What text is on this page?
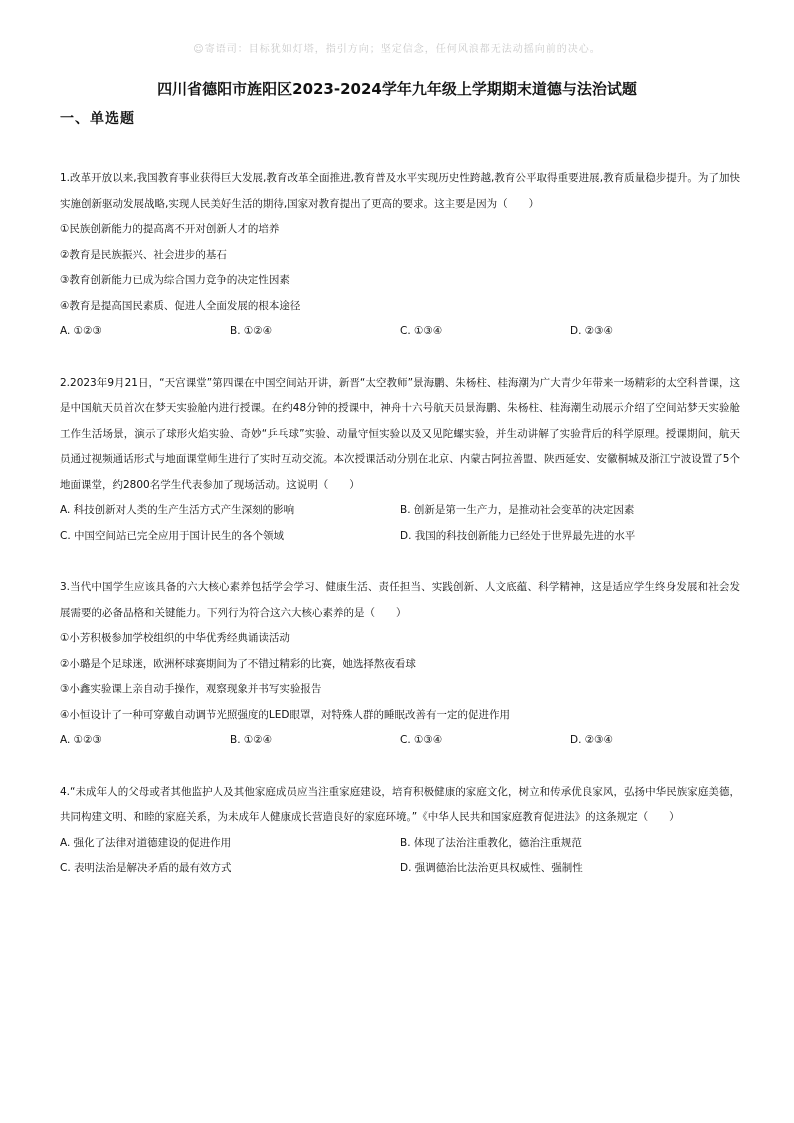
☺寄语司：目标犹如灯塔，指引方向；坚定信念，任何风浪都无法动摇向前的决心。
四川省德阳市旌阳区2023-2024学年九年级上学期期末道德与法治试题
一、单选题
1.改革开放以来,我国教育事业获得巨大发展,教育改革全面推进,教育普及水平实现历史性跨越,教育公平取得重要进展,教育质量稳步提升。为了加快实施创新驱动发展战略,实现人民美好生活的期待,国家对教育提出了更高的要求。这主要是因为（　　）
①民族创新能力的提高离不开对创新人才的培养
②教育是民族振兴、社会进步的基石
③教育创新能力已成为综合国力竞争的决定性因素
④教育是提高国民素质、促进人全面发展的根本途径
A. ①②③	B. ①②④	C. ①③④	D. ②③④
2.2023年9月21日，“天宫课堂”第四课在中国空间站开讲，新晋“太空教师”景海鹏、朱杨柱、桂海潮为广大青少年带来一场精彩的太空科普课，这是中国航天员首次在梦天实验舱内进行授课。在约48分钟的授课中，神舟十六号航天员景海鹏、朱杨柱、桂海潮生动展示介绍了空间站梦天实验舱工作生活场景，演示了球形火焰实验、奇妙“乒乓球”实验、动量守恒实验以及又见陀螺实验，并生动讲解了实验背后的科学原理。授课期间，航天员通过视频通话形式与地面课堂师生进行了实时互动交流。本次授课活动分别在北京、内蒙古阿拉善盟、陕西延安、安徽桐城及浙江宁波设置了5个地面课堂，约2800名学生代表参加了现场活动。这说明（　　）
A. 科技创新对人类的生产生活方式产生深刻的影响	B. 创新是第一生产力，是推动社会变革的决定因素
C. 中国空间站已完全应用于国计民生的各个领域	D. 我国的科技创新能力已经处于世界最先进的水平
3.当代中国学生应该具备的六大核心素养包括学会学习、健康生活、责任担当、实践创新、人文底蕴、科学精神，这是适应学生终身发展和社会发展需要的必备品格和关键能力。下列行为符合这六大核心素养的是（　　）
①小芳积极参加学校组织的中华优秀经典诵读活动
②小璐是个足球迷，欧洲杯球赛期间为了不错过精彩的比赛，她选择熬夜看球
③小鑫实验课上亲自动手操作，观察现象并书写实验报告
④小恒设计了一种可穿戴自动调节光照强度的LED眼罩，对特殊人群的睡眠改善有一定的促进作用
A. ①②③	B. ①②④	C. ①③④	D. ②③④
4.“未成年人的父母或者其他监护人及其他家庭成员应当注重家庭建设，培育积极健康的家庭文化，树立和传承优良家风，弘扬中华民族家庭美德，共同构建文明、和睦的家庭关系，为未成年人健康成长营造良好的家庭环境。”《中华人民共和国家庭教育促进法》的这条规定（　　）
A. 强化了法律对道德建设的促进作用	B. 体现了法治注重教化，德治注重规范
C. 表明法治是解决矛盾的最有效方式	D. 强调德治比法治更具权威性、强制性
